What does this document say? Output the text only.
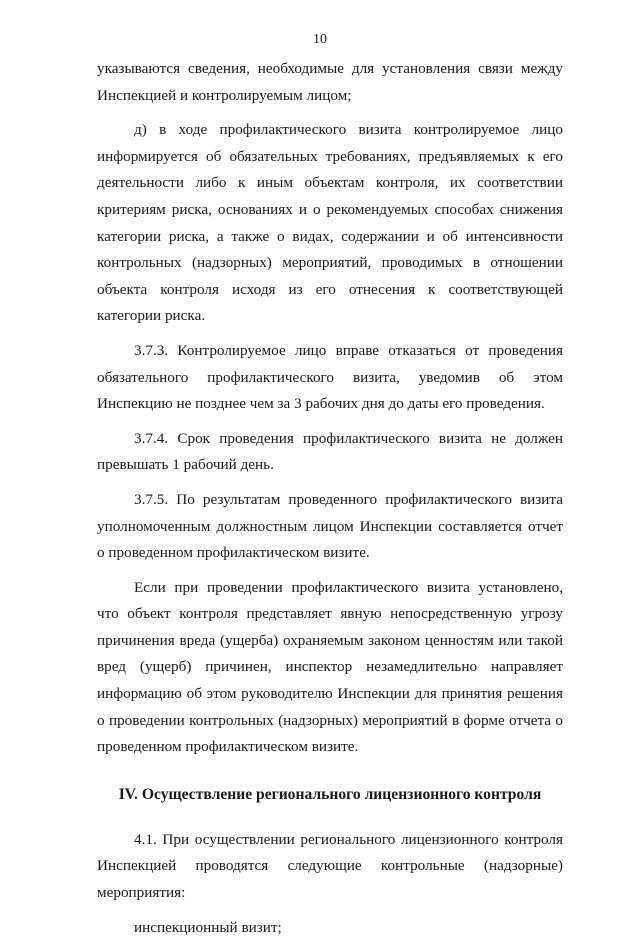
10

указываются сведения, необходимые для установления связи между Инспекцией и контролируемым лицом;

д) в ходе профилактического визита контролируемое лицо информируется об обязательных требованиях, предъявляемых к его деятельности либо к иным объектам контроля, их соответствии критериям риска, основаниях и о рекомендуемых способах снижения категории риска, а также о видах, содержании и об интенсивности контрольных (надзорных) мероприятий, проводимых в отношении объекта контроля исходя из его отнесения к соответствующей категории риска.

3.7.3. Контролируемое лицо вправе отказаться от проведения обязательного профилактического визита, уведомив об этом Инспекцию не позднее чем за 3 рабочих дня до даты его проведения.

3.7.4. Срок проведения профилактического визита не должен превышать 1 рабочий день.

3.7.5. По результатам проведенного профилактического визита уполномоченным должностным лицом Инспекции составляется отчет о проведенном профилактическом визите.

Если при проведении профилактического визита установлено, что объект контроля представляет явную непосредственную угрозу причинения вреда (ущерба) охраняемым законом ценностям или такой вред (ущерб) причинен, инспектор незамедлительно направляет информацию об этом руководителю Инспекции для принятия решения о проведении контрольных (надзорных) мероприятий в форме отчета о проведенном профилактическом визите.

IV. Осуществление регионального лицензионного контроля

4.1. При осуществлении регионального лицензионного контроля Инспекцией проводятся следующие контрольные (надзорные) мероприятия:

инспекционный визит;
